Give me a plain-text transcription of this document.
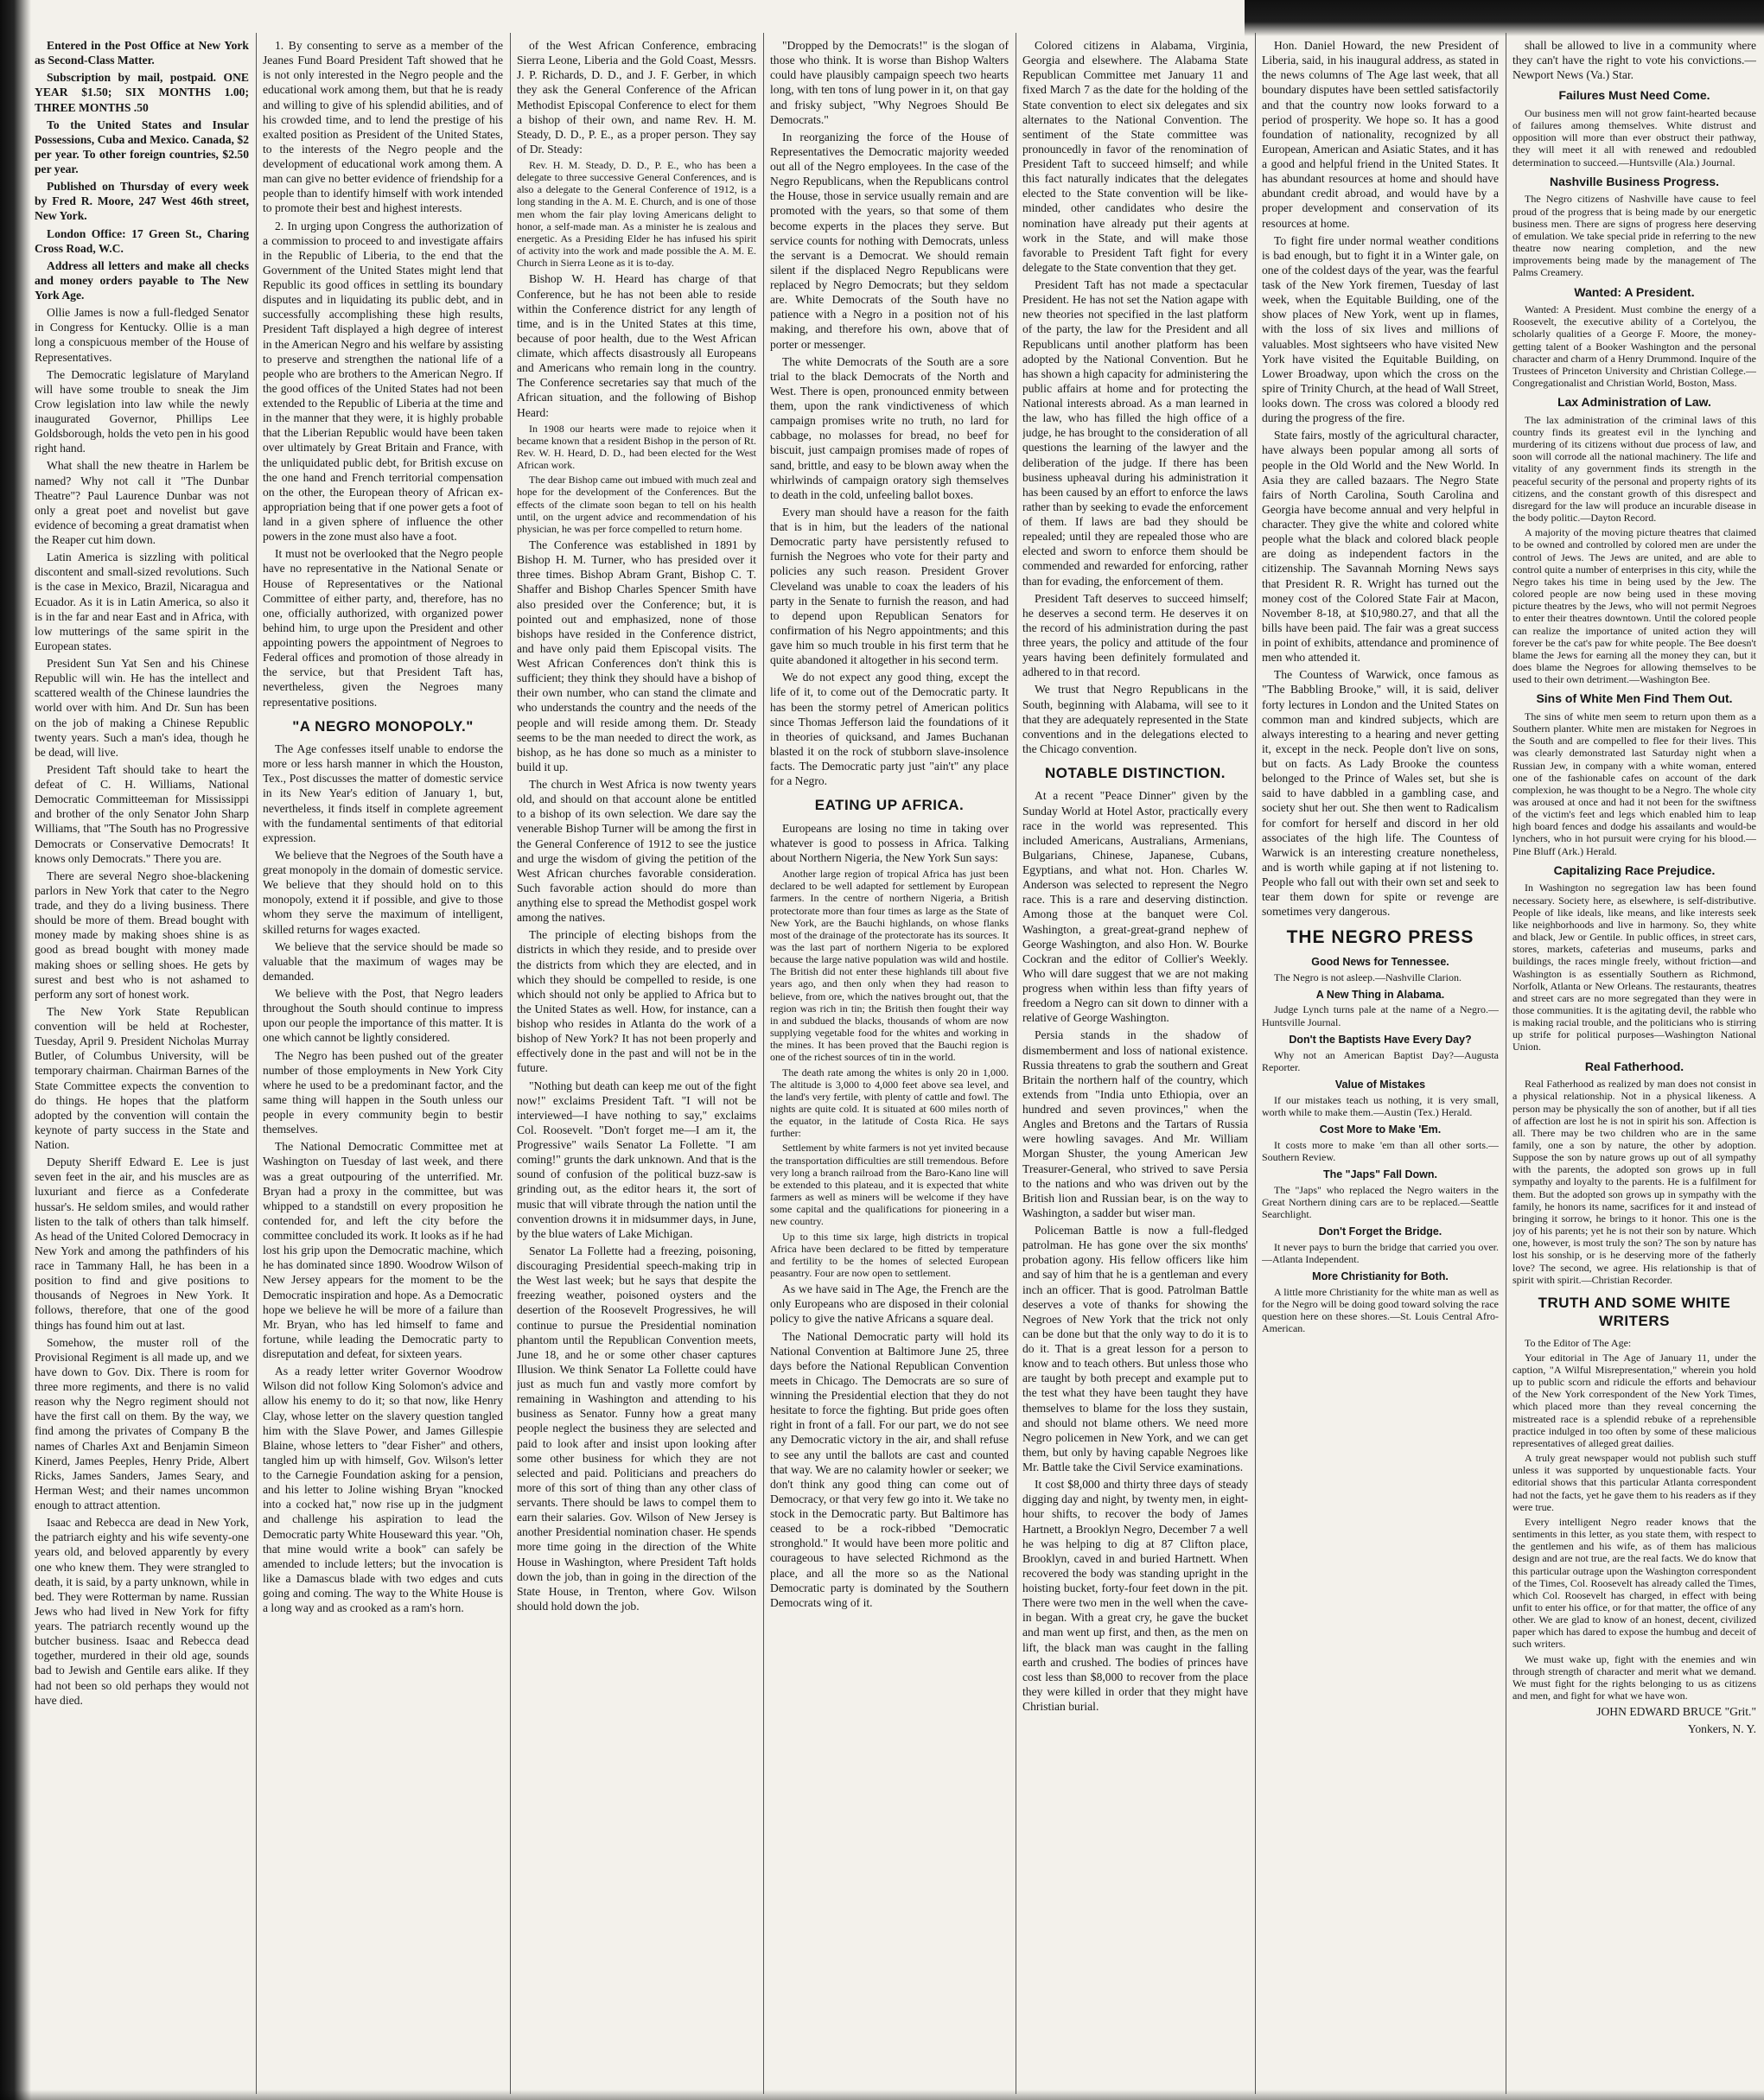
Entered in the Post Office at New York as Second-Class Matter.

Subscription by mail, postpaid. ONE YEAR $1.50; SIX MONTHS 1.00; THREE MONTHS .50

To the United States and Insular Possessions, Cuba and Mexico. Canada, $2 per year. To other foreign countries, $2.50 per year.

Published on Thursday of every week by Fred R. Moore, 247 West 46th street, New York.

London Office: 17 Green St., Charing Cross Road, W.C.

Address all letters and make all checks and money orders payable to The New York Age.

Ollie James is now a full-fledged Senator in Congress for Kentucky. Ollie is a man long a conspicuous member of the House of Representatives.

The Democratic legislature of Maryland will have some trouble to sneak the Jim Crow legislation into law while the newly inaugurated Governor, Phillips Lee Goldsborough, holds the veto pen in his good right hand.

What shall the new theatre in Harlem be named? Why not call it "The Dunbar Theatre"? Paul Laurence Dunbar was not only a great poet and novelist but gave evidence of becoming a great dramatist when the Reaper cut him down.

Latin America is sizzling with political discontent and small-sized revolutions. Such is the case in Mexico, Brazil, Nicaragua and Ecuador. As it is in Latin America, so also it is in the far and near East and in Africa, with low mutterings of the same spirit in the European states.

President Sun Yat Sen and his Chinese Republic will win. He has the intellect and scattered wealth of the Chinese laundries the world over with him. And Dr. Sun has been on the job of making a Chinese Republic twenty years. Such a man's idea, though he be dead, will live.

President Taft should take to heart the defeat of C. H. Williams, National Democratic Committeeman for Mississippi and brother of the only Senator John Sharp Williams, that "The South has no Progressive Democrats or Conservative Democrats! It knows only Democrats." There you are.

There are several Negro shoe-blackening parlors in New York that cater to the Negro trade, and they do a living business. There should be more of them. Bread bought with money made by making shoes shine is as good as bread bought with money made making shoes or selling shoes. He gets by surest and best who is not ashamed to perform any sort of honest work.

The New York State Republican convention will be held at Rochester, Tuesday, April 9. President Nicholas Murray Butler, of Columbus University, will be temporary chairman. Chairman Barnes of the State Committee expects the convention to do things. He hopes that the platform adopted by the convention will contain the keynote of party success in the State and Nation.

Deputy Sheriff Edward E. Lee is just seven feet in the air, and his muscles are as luxuriant and fierce as a Confederate hussar's. He seldom smiles, and would rather listen to the talk of others than talk himself. As head of the United Colored Democracy in New York and among the pathfinders of his race in Tammany Hall, he has been in a position to find and give positions to thousands of Negroes in New York. It follows, therefore, that one of the good things has found him out at last.

Somehow, the muster roll of the Provisional Regiment is all made up, and we have down to Gov. Dix. There is room for three more regiments, and there is no valid reason why the Negro regiment should not have the first call on them. By the way, we find among the privates of Company B the names of Charles Axt and Benjamin Simeon Kinerd, James Peeples, Henry Pride, Albert Ricks, James Sanders, James Seary, and Herman West; and their names uncommon enough to attract attention.

Isaac and Rebecca are dead in New York, the patriarch eighty and his wife seventy-one years old, and beloved apparently by every one who knew them. They were strangled to death, it is said, by a party unknown, while in bed. They were Rotterman by name. Russian Jews who had lived in New York for fifty years. The patriarch recently wound up the butcher business. Isaac and Rebecca dead together, murdered in their old age, sounds bad to Jewish and Gentile ears alike. If they had not been so old perhaps they would not have died.

1. By consenting to serve as a member of the Jeanes Fund Board President Taft showed that he is not only interested in the Negro people and the educational work among them, but that he is ready and willing to give of his splendid abilities, and of his crowded time, and to lend the prestige of his exalted position as President of the United States, to the interests of the Negro people and the development of educational work among them. A man can give no better evidence of friendship for a people than to identify himself with work intended to promote their best and highest interests.

2. In urging upon Congress the authorization of a commission to proceed to and investigate affairs in the Republic of Liberia, to the end that the Government of the United States might lend that Republic its good offices in settling its boundary disputes and in liquidating its public debt, and in successfully accomplishing these high results, President Taft displayed a high degree of interest in the American Negro and his welfare by assisting to preserve and strengthen the national life of a people who are brothers to the American Negro. If the good offices of the United States had not been extended to the Republic of Liberia at the time and in the manner that they were, it is highly probable that the Liberian Republic would have been taken over ultimately by Great Britain and France, with the unliquidated public debt, for British excuse on the one hand and French territorial compensation on the other, the European theory of African ex-appropriation being that if one power gets a foot of land in a given sphere of influence the other powers in the zone must also have a foot.

It must not be overlooked that the Negro people have no representative in the National Senate or House of Representatives or the National Committee of either party, and, therefore, has no one, officially authorized, with organized power behind him, to urge upon the President and other appointing powers the appointment of Negroes to Federal offices and promotion of those already in the service, but that President Taft has, nevertheless, given the Negroes many representative positions.

"A NEGRO MONOPOLY."

The Age confesses itself unable to endorse the more or less harsh manner in which the Houston, Tex., Post discusses the matter of domestic service in its New Year's edition of January 1, but, nevertheless, it finds itself in complete agreement with the fundamental sentiments of that editorial expression.

We believe that the Negroes of the South have a great monopoly in the domain of domestic service. We believe that they should hold on to this monopoly, extend it if possible, and give to those whom they serve the maximum of intelligent, skilled returns for wages exacted.

We believe that the service should be made so valuable that the maximum of wages may be demanded.

We believe with the Post, that Negro leaders throughout the South should continue to impress upon our people the importance of this matter. It is one which cannot be lightly considered.

The Negro has been pushed out of the greater number of those employments in New York City where he used to be a predominant factor, and the same thing will happen in the South unless our people in every community begin to bestir themselves.

The National Democratic Committee met at Washington on Tuesday of last week, and there was a great outpouring of the unterrified. Mr. Bryan had a proxy in the committee, but was whipped to a standstill on every proposition he contended for, and left the city before the committee concluded its work. It looks as if he had lost his grip upon the Democratic machine, which he has dominated since 1890. Woodrow Wilson of New Jersey appears for the moment to be the Democratic inspiration and hope. As a Democratic hope we believe he will be more of a failure than Mr. Bryan, who has led himself to fame and fortune, while leading the Democratic party to disreputation and defeat, for sixteen years.

As a ready letter writer Governor Woodrow Wilson did not follow King Solomon's advice and allow his enemy to do it; so that now, like Henry Clay, whose letter on the slavery question tangled him with the Slave Power, and James Gillespie Blaine, whose letters to "dear Fisher" and others, tangled him up with himself, Gov. Wilson's letter to the Carnegie Foundation asking for a pension, and his letter to Joline wishing Bryan "knocked into a cocked hat," now rise up in the judgment and challenge his aspiration to lead the Democratic party White Houseward this year. "Oh, that mine would write a book" can safely be amended to include letters; but the invocation is like a Damascus blade with two edges and cuts going and coming. The way to the White House is a long way and as crooked as a ram's horn.

of the West African Conference, embracing Sierra Leone, Liberia and the Gold Coast, Messrs. J. P. Richards, D. D., and J. F. Gerber, in which they ask the General Conference of the African Methodist Episcopal Conference to elect for them a bishop of their own, and name Rev. H. M. Steady, D. D., P. E., as a proper person. They say of Dr. Steady:

Rev. H. M. Steady, D. D., P. E., who has been a delegate to three successive General Conferences, and is also a delegate to the General Conference of 1912, is a long standing in the A. M. E. Church, and is one of those men whom the fair play loving Americans delight to honor, a self-made man. As a minister he is zealous and energetic. As a Presiding Elder he has infused his spirit of activity into the work and made possible the A. M. E. Church in Sierra Leone as it is to-day.

Bishop W. H. Heard has charge of that Conference, but he has not been able to reside within the Conference district for any length of time, and is in the United States at this time, because of poor health, due to the West African climate, which affects disastrously all Europeans and Americans who remain long in the country. The Conference secretaries say that much of the African situation, and the following of Bishop Heard:

In 1908 our hearts were made to rejoice when it became known that a resident Bishop in the person of Rt. Rev. W. H. Heard, D. D., had been elected for the West African work.

The dear Bishop came out imbued with much zeal and hope for the development of the Conferences. But the effects of the climate soon began to tell on his health until, on the urgent advice and recommendation of his physician, he was per force compelled to return home.

The Conference was established in 1891 by Bishop H. M. Turner, who has presided over it three times. Bishop Abram Grant, Bishop C. T. Shaffer and Bishop Charles Spencer Smith have also presided over the Conference; but, it is pointed out and emphasized, none of those bishops have resided in the Conference district, and have only paid them Episcopal visits. The West African Conferences don't think this is sufficient; they think they should have a bishop of their own number, who can stand the climate and who understands the country and the needs of the people and will reside among them. Dr. Steady seems to be the man needed to direct the work, as bishop, as he has done so much as a minister to build it up.

The church in West Africa is now twenty years old, and should on that account alone be entitled to a bishop of its own selection. We dare say the venerable Bishop Turner will be among the first in the General Conference of 1912 to see the justice and urge the wisdom of giving the petition of the West African churches favorable consideration. Such favorable action should do more than anything else to spread the Methodist gospel work among the natives.

The principle of electing bishops from the districts in which they reside, and to preside over the districts from which they are elected, and in which they should be compelled to reside, is one which should not only be applied to Africa but to the United States as well. How, for instance, can a bishop who resides in Atlanta do the work of a bishop of New York? It has not been properly and effectively done in the past and will not be in the future.

"Nothing but death can keep me out of the fight now!" exclaims President Taft. "I will not be interviewed—I have nothing to say," exclaims Col. Roosevelt. "Don't forget me—I am it, the Progressive" wails Senator La Follette. "I am coming!" grunts the dark unknown. And that is the sound of confusion of the political buzz-saw is grinding out, as the editor hears it, the sort of music that will vibrate through the nation until the convention drowns it in midsummer days, in June, by the blue waters of Lake Michigan.

Senator La Follette had a freezing, poisoning, discouraging Presidential speech-making trip in the West last week; but he says that despite the freezing weather, poisoned oysters and the desertion of the Roosevelt Progressives, he will continue to pursue the Presidential nomination phantom until the Republican Convention meets, June 18, and he or some other chaser captures Illusion. We think Senator La Follette could have just as much fun and vastly more comfort by remaining in Washington and attending to his business as Senator. Funny how a great many people neglect the business they are selected and paid to look after and insist upon looking after some other business for which they are not selected and paid. Politicians and preachers do more of this sort of thing than any other class of servants. There should be laws to compel them to earn their salaries. Gov. Wilson of New Jersey is another Presidential nomination chaser. He spends more time going in the direction of the White House in Washington, where President Taft holds down the job, than in going in the direction of the State House, in Trenton, where Gov. Wilson should hold down the job.

"Dropped by the Democrats!" is the slogan of those who think. It is worse than Bishop Walters could have plausibly campaign speech two hearts long, with ten tons of lung power in it, on that gay and frisky subject, "Why Negroes Should Be Democrats."

In reorganizing the force of the House of Representatives the Democratic majority weeded out all of the Negro employees. In the case of the Negro Republicans, when the Republicans control the House, those in service usually remain and are promoted with the years, so that some of them become experts in the places they serve. But service counts for nothing with Democrats, unless the servant is a Democrat. We should remain silent if the displaced Negro Republicans were replaced by Negro Democrats; but they seldom are. White Democrats of the South have no patience with a Negro in a position not of his making, and therefore his own, above that of porter or messenger.

The white Democrats of the South are a sore trial to the black Democrats of the North and West. There is open, pronounced enmity between them, upon the rank vindictiveness of which campaign promises write no truth, no lard for cabbage, no molasses for bread, no beef for biscuit, just campaign promises made of ropes of sand, brittle, and easy to be blown away when the whirlwinds of campaign oratory sigh themselves to death in the cold, unfeeling ballot boxes.

Every man should have a reason for the faith that is in him, but the leaders of the national Democratic party have persistently refused to furnish the Negroes who vote for their party and policies any such reason. President Grover Cleveland was unable to coax the leaders of his party in the Senate to furnish the reason, and had to depend upon Republican Senators for confirmation of his Negro appointments; and this gave him so much trouble in his first term that he quite abandoned it altogether in his second term.

We do not expect any good thing, except the life of it, to come out of the Democratic party. It has been the stormy petrel of American politics since Thomas Jefferson laid the foundations of it in theories of quicksand, and James Buchanan blasted it on the rock of stubborn slave-insolence facts. The Democratic party just "ain't" any place for a Negro.

EATING UP AFRICA.

Europeans are losing no time in taking over whatever is good to possess in Africa. Talking about Northern Nigeria, the New York Sun says:

Another large region of tropical Africa has just been declared to be well adapted for settlement by European farmers. In the centre of northern Nigeria, a British protectorate more than four times as large as the State of New York, are the Bauchi highlands, on whose flanks most of the drainage of the protectorate has its sources. It was the last part of northern Nigeria to be explored because the large native population was wild and hostile. The British did not enter these highlands till about five years ago, and then only when they had reason to believe, from ore, which the natives brought out, that the region was rich in tin; the British then fought their way in and subdued the blacks, thousands of whom are now supplying vegetable food for the whites and working in the mines. It has been proved that the Bauchi region is one of the richest sources of tin in the world.

The death rate among the whites is only 20 in 1,000. The altitude is 3,000 to 4,000 feet above sea level, and the land's very fertile, with plenty of cattle and fowl. The nights are quite cold. It is situated at 600 miles north of the equator, in the latitude of Costa Rica. He says further:

Settlement by white farmers is not yet invited because the transportation difficulties are still tremendous. Before very long a branch railroad from the Baro-Kano line will be extended to this plateau, and it is expected that white farmers as well as miners will be welcome if they have some capital and the qualifications for pioneering in a new country.

Up to this time six large, high districts in tropical Africa have been declared to be fitted by temperature and fertility to be the homes of selected European peasantry. Four are now open to settlement.

As we have said in The Age, the French are the only Europeans who are disposed in their colonial policy to give the native Africans a square deal.

The National Democratic party will hold its National Convention at Baltimore June 25, three days before the National Republican Convention meets in Chicago. The Democrats are so sure of winning the Presidential election that they do not hesitate to force the fighting. But pride goes often right in front of a fall. For our part, we do not see any Democratic victory in the air, and shall refuse to see any until the ballots are cast and counted that way. We are no calamity howler or seeker; we don't think any good thing can come out of Democracy, or that very few go into it. We take no stock in the Democratic party. But Baltimore has ceased to be a rock-ribbed "Democratic stronghold." It would have been more politic and courageous to have selected Richmond as the place, and all the more so as the National Democratic party is dominated by the Southern Democrats wing of it.

Colored citizens in Alabama, Virginia, Georgia and elsewhere. The Alabama State Republican Committee met January 11 and fixed March 7 as the date for the holding of the State convention to elect six delegates and six alternates to the National Convention. The sentiment of the State committee was pronouncedly in favor of the renomination of President Taft to succeed himself; and while this fact naturally indicates that the delegates elected to the State convention will be like-minded, other candidates who desire the nomination have already put their agents at work in the State, and will make those favorable to President Taft fight for every delegate to the State convention that they get.

President Taft has not made a spectacular President. He has not set the Nation agape with new theories not specified in the last platform of the party, the law for the President and all Republicans until another platform has been adopted by the National Convention. But he has shown a high capacity for administering the public affairs at home and for protecting the National interests abroad. As a man learned in the law, who has filled the high office of a judge, he has brought to the consideration of all questions the learning of the lawyer and the deliberation of the judge. If there has been business upheaval during his administration it has been caused by an effort to enforce the laws rather than by seeking to evade the enforcement of them. If laws are bad they should be repealed; until they are repealed those who are elected and sworn to enforce them should be commended and rewarded for enforcing, rather than for evading, the enforcement of them.

President Taft deserves to succeed himself; he deserves a second term. He deserves it on the record of his administration during the past three years, the policy and attitude of the four years having been definitely formulated and adhered to in that record.

We trust that Negro Republicans in the South, beginning with Alabama, will see to it that they are adequately represented in the State conventions and in the delegations elected to the Chicago convention.

NOTABLE DISTINCTION.

At a recent "Peace Dinner" given by the Sunday World at Hotel Astor, practically every race in the world was represented. This included Americans, Australians, Armenians, Bulgarians, Chinese, Japanese, Cubans, Egyptians, and what not. Hon. Charles W. Anderson was selected to represent the Negro race. This is a rare and deserving distinction. Among those at the banquet were Col. Washington, a great-great-grand nephew of George Washington, and also Hon. W. Bourke Cockran and the editor of Collier's Weekly. Who will dare suggest that we are not making progress when within less than fifty years of freedom a Negro can sit down to dinner with a relative of George Washington.

Persia stands in the shadow of dismemberment and loss of national existence. Russia threatens to grab the southern and Great Britain the northern half of the country, which extends from "India unto Ethiopia, over an hundred and seven provinces," when the Angles and Bretons and the Tartars of Russia were howling savages. And Mr. William Morgan Shuster, the young American Jew Treasurer-General, who strived to save Persia to the nations and who was driven out by the British lion and Russian bear, is on the way to Washington, a sadder but wiser man.

Policeman Battle is now a full-fledged patrolman. He has gone over the six months' probation agony. His fellow officers like him and say of him that he is a gentleman and every inch an officer. That is good. Patrolman Battle deserves a vote of thanks for showing the Negroes of New York that the trick not only can be done but that the only way to do it is to do it. That is a great lesson for a person to know and to teach others. But unless those who are taught by both precept and example put to the test what they have been taught they have themselves to blame for the loss they sustain, and should not blame others. We need more Negro policemen in New York, and we can get them, but only by having capable Negroes like Mr. Battle take the Civil Service examinations.

It cost $8,000 and thirty three days of steady digging day and night, by twenty men, in eight-hour shifts, to recover the body of James Hartnett, a Brooklyn Negro, December 7 a well he was helping to dig at 87 Clifton place, Brooklyn, caved in and buried Hartnett. When recovered the body was standing upright in the hoisting bucket, forty-four feet down in the pit. There were two men in the well when the cave-in began. With a great cry, he gave the bucket and man went up first, and then, as the men on lift, the black man was caught in the falling earth and crushed. The bodies of princes have cost less than $8,000 to recover from the place they were killed in order that they might have Christian burial.

Hon. Daniel Howard, the new President of Liberia, said, in his inaugural address, as stated in the news columns of The Age last week, that all boundary disputes have been settled satisfactorily and that the country now looks forward to a period of prosperity. We hope so. It has a good foundation of nationality, recognized by all European, American and Asiatic States, and it has a good and helpful friend in the United States. It has abundant resources at home and should have abundant credit abroad, and would have by a proper development and conservation of its resources at home.

To fight fire under normal weather conditions is bad enough, but to fight it in a Winter gale, on one of the coldest days of the year, was the fearful task of the New York firemen, Tuesday of last week, when the Equitable Building, one of the show places of New York, went up in flames, with the loss of six lives and millions of valuables. Most sightseers who have visited New York have visited the Equitable Building, on Lower Broadway, upon which the cross on the spire of Trinity Church, at the head of Wall Street, looks down. The cross was colored a bloody red during the progress of the fire.

State fairs, mostly of the agricultural character, have always been popular among all sorts of people in the Old World and the New World. In Asia they are called bazaars. The Negro State fairs of North Carolina, South Carolina and Georgia have become annual and very helpful in character. They give the white and colored white people what the black and colored black people are doing as independent factors in the citizenship. The Savannah Morning News says that President R. R. Wright has turned out the money cost of the Colored State Fair at Macon, November 8-18, at $10,980.27, and that all the bills have been paid. The fair was a great success in point of exhibits, attendance and prominence of men who attended it.

The Countess of Warwick, once famous as "The Babbling Brooke," will, it is said, deliver forty lectures in London and the United States on common man and kindred subjects, which are always interesting to a hearing and never getting it, except in the neck. People don't live on sons, but on facts. As Lady Brooke the countess belonged to the Prince of Wales set, but she is said to have dabbled in a gambling case, and society shut her out. She then went to Radicalism for comfort for herself and discord in her old associates of the high life. The Countess of Warwick is an interesting creature nonetheless, and is worth while gaping at if not listening to. People who fall out with their own set and seek to tear them down for spite or revenge are sometimes very dangerous.

THE NEGRO PRESS
Good News for Tennessee.

The Negro is not asleep.—Nashville Clarion.

A New Thing in Alabama.

Judge Lynch turns pale at the name of a Negro.—Huntsville Journal.

Don't the Baptists Have Every Day?

Why not an American Baptist Day?—Augusta Reporter.

Value of Mistakes

If our mistakes teach us nothing, it is very small, worth while to make them.—Austin (Tex.) Herald.

Cost More to Make 'Em.

It costs more to make 'em than all other sorts.—Southern Review.

The "Japs" Fall Down.

The "Japs" who replaced the Negro waiters in the Great Northern dining cars are to be replaced.—Seattle Searchlight.

Don't Forget the Bridge.

It never pays to burn the bridge that carried you over.—Atlanta Independent.

More Christianity for Both.

A little more Christianity for the white man as well as for the Negro will be doing good toward solving the race question here on these shores.—St. Louis Central Afro-American.

shall be allowed to live in a community where they can't have the right to vote his convictions.—Newport News (Va.) Star.

Failures Must Need Come.

Our business men will not grow faint-hearted because of failures among themselves. White distrust and opposition will more than ever obstruct their pathway, they will meet it all with renewed and redoubled determination to succeed.—Huntsville (Ala.) Journal.

Nashville Business Progress.

The Negro citizens of Nashville have cause to feel proud of the progress that is being made by our energetic business men. There are signs of progress here deserving of emulation. We take special pride in referring to the new theatre now nearing completion, and the new improvements being made by the management of The Palms Creamery.

Wanted: A President.

Wanted: A President. Must combine the energy of a Roosevelt, the executive ability of a Cortelyou, the scholarly qualities of a George F. Moore, the money-getting talent of a Booker Washington and the personal character and charm of a Henry Drummond. Inquire of the Trustees of Princeton University and Christian College.—Congregationalist and Christian World, Boston, Mass.

Lax Administration of Law.

The lax administration of the criminal laws of this country finds its greatest evil in the lynching and murdering of its citizens without due process of law, and soon will corrode all the national machinery. The life and vitality of any government finds its strength in the peaceful security of the personal and property rights of its citizens, and the constant growth of this disrespect and disregard for the law will produce an incurable disease in the body politic.—Dayton Record.

A majority of the moving picture theatres that claimed to be owned and controlled by colored men are under the control of Jews. The Jews are united, and are able to control quite a number of enterprises in this city, while the Negro takes his time in being used by the Jew. The colored people are now being used in these moving picture theatres by the Jews, who will not permit Negroes to enter their theatres downtown. Until the colored people can realize the importance of united action they will forever be the cat's paw for white people. The Bee doesn't blame the Jews for earning all the money they can, but it does blame the Negroes for allowing themselves to be used to their own detriment.—Washington Bee.

Sins of White Men Find Them Out.

The sins of white men seem to return upon them as a Southern planter. White men are mistaken for Negroes in the South and are compelled to flee for their lives. This was clearly demonstrated last Saturday night when a Russian Jew, in company with a white woman, entered one of the fashionable cafes on account of the dark complexion, he was thought to be a Negro. The whole city was aroused at once and had it not been for the swiftness of the victim's feet and legs which enabled him to leap high board fences and dodge his assailants and would-be lynchers, who in hot pursuit were crying for his blood.—Pine Bluff (Ark.) Herald.

Capitalizing Race Prejudice.

In Washington no segregation law has been found necessary. Society here, as elsewhere, is self-distributive. People of like ideals, like means, and like interests seek like neighborhoods and live in harmony. So, they white and black, Jew or Gentile. In public offices, in street cars, stores, markets, cafeterias and museums, parks and buildings, the races mingle freely, without friction—and Washington is as essentially Southern as Richmond, Norfolk, Atlanta or New Orleans. The restaurants, theatres and street cars are no more segregated than they were in those communities. It is the agitating devil, the rabble who is making racial trouble, and the politicians who is stirring up strife for political purposes—Washington National Union.

Real Fatherhood.

Real Fatherhood as realized by man does not consist in a physical relationship. Not in a physical likeness. A person may be physically the son of another, but if all ties of affection are lost he is not in spirit his son. Affection is all. There may be two children who are in the same family, one a son by nature, the other by adoption. Suppose the son by nature grows up out of all sympathy with the parents, the adopted son grows up in full sympathy and loyalty to the parents. He is a fulfilment for them. But the adopted son grows up in sympathy with the family, he honors its name, sacrifices for it and instead of bringing it sorrow, he brings to it honor. This one is the joy of his parents; yet he is not their son by nature. Which one, however, is most truly the son? The son by nature has lost his sonship, or is he deserving more of the fatherly love? The second, we agree. His relationship is that of spirit with spirit.—Christian Recorder.

TRUTH AND SOME WHITE WRITERS

To the Editor of The Age:

Your editorial in The Age of January 11, under the caption, "A Wilful Misrepresentation," wherein you hold up to public scorn and ridicule the efforts and behaviour of the New York correspondent of the New York Times, which placed more than they reveal concerning the mistreated race is a splendid rebuke of a reprehensible practice indulged in too often by some of these malicious representatives of alleged great dailies.

A truly great newspaper would not publish such stuff unless it was supported by unquestionable facts. Your editorial shows that this particular Atlanta correspondent had not the facts, yet he gave them to his readers as if they were true.

Every intelligent Negro reader knows that the sentiments in this letter, as you state them, with respect to the gentlemen and his wife, as of them has malicious design and are not true, are the real facts. We do know that this particular outrage upon the Washington correspondent of the Times, Col. Roosevelt has already called the Times, which Col. Roosevelt has charged, in effect with being unfit to enter his office, or for that matter, the office of any other. We are glad to know of an honest, decent, civilized paper which has dared to expose the humbug and deceit of such writers.

We must wake up, fight with the enemies and win through strength of character and merit what we demand. We must fight for the rights belonging to us as citizens and men, and fight for what we have won.

JOHN EDWARD BRUCE "Grit."

Yonkers, N. Y.
